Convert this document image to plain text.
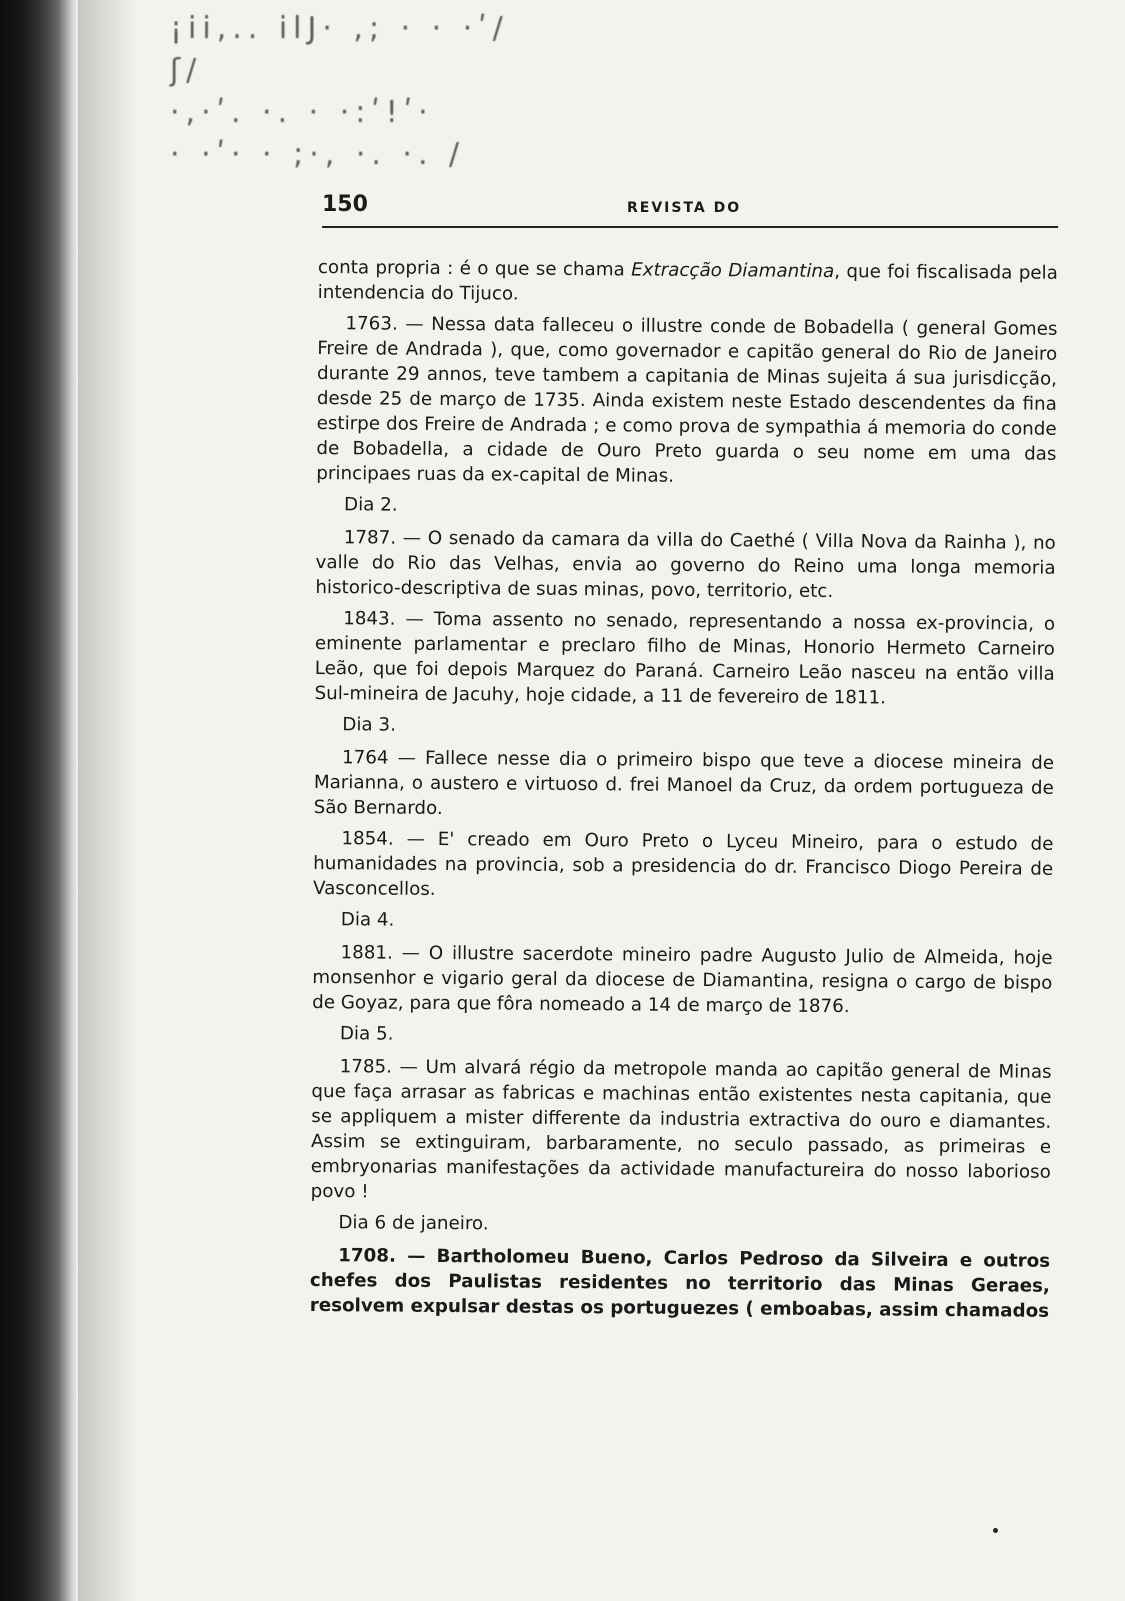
¡ii,.. ilJ· ,; · · ·ʹ/ʃ/
·,·ʹ. ·. · ·:ʹ!ʹ·
· ·ʹ· · ;·, ·. ·. /
150	REVISTA DO

conta propria : é o que se chama Extracção Diamantina, que foi fiscalisada pela intendencia do Tijuco.

1763. — Nessa data falleceu o illustre conde de Bobadella ( general Gomes Freire de Andrada ), que, como governador e capitão general do Rio de Janeiro durante 29 annos, teve tambem a capitania de Minas sujeita á sua jurisdicção, desde 25 de março de 1735. Ainda existem neste Estado descendentes da fina estirpe dos Freire de Andrada ; e como prova de sympathia á memoria do conde de Bobadella, a cidade de Ouro Preto guarda o seu nome em uma das principaes ruas da ex-capital de Minas.

Dia 2.

1787. — O senado da camara da villa do Caethé ( Villa Nova da Rainha ), no valle do Rio das Velhas, envia ao governo do Reino uma longa memoria historico-descriptiva de suas minas, povo, territorio, etc.

1843. — Toma assento no senado, representando a nossa ex-provincia, o eminente parlamentar e preclaro filho de Minas, Honorio Hermeto Carneiro Leão, que foi depois Marquez do Paraná. Carneiro Leão nasceu na então villa Sul-mineira de Jacuhy, hoje cidade, a 11 de fevereiro de 1811.

Dia 3.

1764 — Fallece nesse dia o primeiro bispo que teve a diocese mineira de Marianna, o austero e virtuoso d. frei Manoel da Cruz, da ordem portugueza de São Bernardo.

1854. — E' creado em Ouro Preto o Lyceu Mineiro, para o estudo de humanidades na provincia, sob a presidencia do dr. Francisco Diogo Pereira de Vasconcellos.

Dia 4.

1881. — O illustre sacerdote mineiro padre Augusto Julio de Almeida, hoje monsenhor e vigario geral da diocese de Diamantina, resigna o cargo de bispo de Goyaz, para que fôra nomeado a 14 de março de 1876.

Dia 5.

1785. — Um alvará régio da metropole manda ao capitão general de Minas que faça arrasar as fabricas e machinas então existentes nesta capitania, que se appliquem a mister differente da industria extractiva do ouro e diamantes. Assim se extinguiram, barbaramente, no seculo passado, as primeiras e embryonarias manifestações da actividade manufactureira do nosso laborioso povo !

Dia 6 de janeiro.

1708. — Bartholomeu Bueno, Carlos Pedroso da Silveira e outros chefes dos Paulistas residentes no territorio das Minas Geraes, resolvem expulsar destas os portuguezes ( emboabas, assim chamados
